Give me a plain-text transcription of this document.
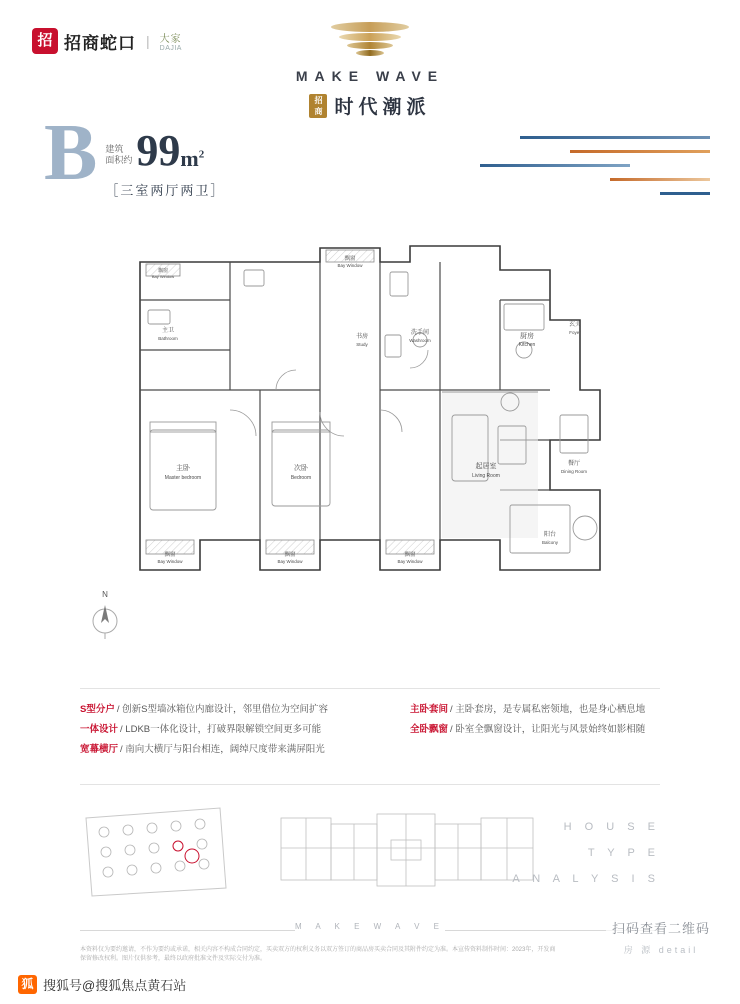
招 招商蛇口 | 大家
DAJIA
MAKE WAVE
招商 时代潮派
B 建筑
面积约 99 $m^2$
［三室两厅两卫］
主卧
Master bedroom
次卧
Bedroom
起居室
Living Room
餐厅
Dining Room
厨房
Kitchen
玄关
Foyer
阳台
Balcony
书房
Study
主卫
Bathroom
洗手间
Washroom
飘窗
Bay Window
飘窗
Bay Window
飘窗
Bay Window
飘窗
Bay Window
飘窗
Bay Window
N
S型分户 / 创新S型墙冰箱位内廊设计，邻里借位为空间扩容
一体设计 / LDKB一体化设计，打破界限解锁空间更多可能
宽幕横厅 / 南向大横厅与阳台相连，阔绰尺度带来满屏阳光
主卧套间 / 主卧套房，是专属私密领地，也是身心栖息地
全卧飘窗 / 卧室全飘窗设计，让阳光与风景始终如影相随
H O U S E
T Y P E
A N A L Y S I S
M A K E W A V E
本资料仅为要约邀请，不作为要约或承诺，相关内容不构成合同约定，买卖双方的权利义务以双方签订的商品房买卖合同及其附件约定为准。本宣传资料制作时间：2023年，开发商保留修改权利。图片仅供参考，最终以政府批准文件及实际交付为准。
扫码查看二维码
房 源 detail
狐 搜狐号@搜狐焦点黄石站
